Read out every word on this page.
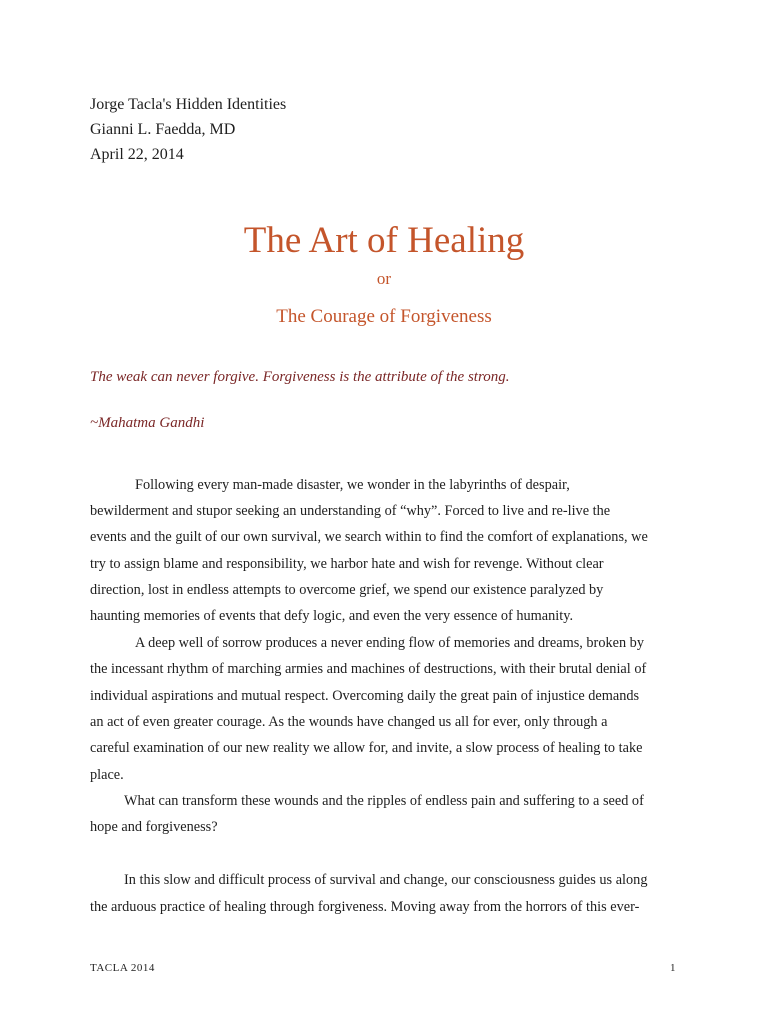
Jorge Tacla's Hidden Identities
Gianni L. Faedda, MD
April 22, 2014
The Art of Healing
or
The Courage of Forgiveness
The weak can never forgive. Forgiveness is the attribute of the strong.
~Mahatma Gandhi
Following every man-made disaster, we wonder in the labyrinths of despair,
bewilderment and stupor seeking an understanding of “why”. Forced to live and re-live the
events and the guilt of our own survival, we search within to find the comfort of explanations, we
try to assign blame and responsibility, we harbor hate and wish for revenge. Without clear
direction, lost in endless attempts to overcome grief, we spend our existence paralyzed by
haunting memories of events that defy logic, and even the very essence of humanity.
A deep well of sorrow produces a never ending flow of memories and dreams, broken by
the incessant rhythm of marching armies and machines of destructions, with their brutal denial of
individual aspirations and mutual respect. Overcoming daily the great pain of injustice demands
an act of even greater courage. As the wounds have changed us all for ever, only through a
careful examination of our new reality we allow for, and invite, a slow process of healing to take
place.
What can transform these wounds and the ripples of endless pain and suffering to a seed of
hope and forgiveness?
In this slow and difficult process of survival and change, our consciousness guides us along
the arduous practice of healing through forgiveness. Moving away from the horrors of this ever-
TACLA 2014	1
